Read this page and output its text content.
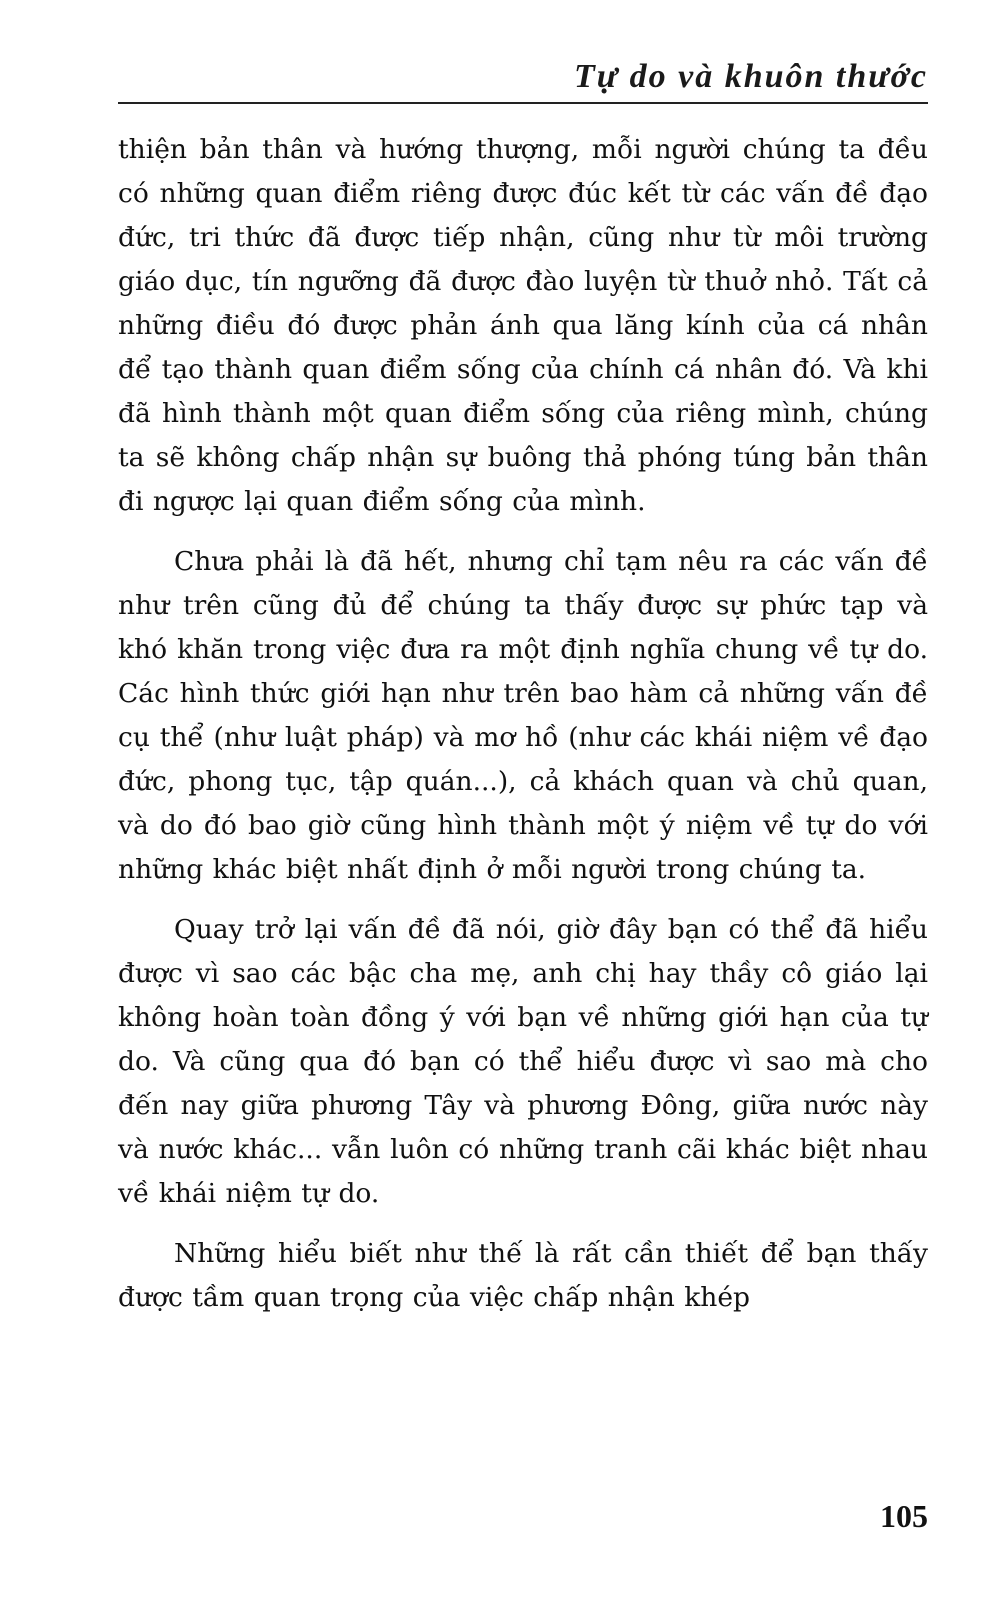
Tự do và khuôn thước

thiện bản thân và hướng thượng, mỗi người chúng ta đều có những quan điểm riêng được đúc kết từ các vấn đề đạo đức, tri thức đã được tiếp nhận, cũng như từ môi trường giáo dục, tín ngưỡng đã được đào luyện từ thuở nhỏ. Tất cả những điều đó được phản ánh qua lăng kính của cá nhân để tạo thành quan điểm sống của chính cá nhân đó. Và khi đã hình thành một quan điểm sống của riêng mình, chúng ta sẽ không chấp nhận sự buông thả phóng túng bản thân đi ngược lại quan điểm sống của mình.

Chưa phải là đã hết, nhưng chỉ tạm nêu ra các vấn đề như trên cũng đủ để chúng ta thấy được sự phức tạp và khó khăn trong việc đưa ra một định nghĩa chung về tự do. Các hình thức giới hạn như trên bao hàm cả những vấn đề cụ thể (như luật pháp) và mơ hồ (như các khái niệm về đạo đức, phong tục, tập quán...), cả khách quan và chủ quan, và do đó bao giờ cũng hình thành một ý niệm về tự do với những khác biệt nhất định ở mỗi người trong chúng ta.

Quay trở lại vấn đề đã nói, giờ đây bạn có thể đã hiểu được vì sao các bậc cha mẹ, anh chị hay thầy cô giáo lại không hoàn toàn đồng ý với bạn về những giới hạn của tự do. Và cũng qua đó bạn có thể hiểu được vì sao mà cho đến nay giữa phương Tây và phương Đông, giữa nước này và nước khác... vẫn luôn có những tranh cãi khác biệt nhau về khái niệm tự do.

Những hiểu biết như thế là rất cần thiết để bạn thấy được tầm quan trọng của việc chấp nhận khép

105
